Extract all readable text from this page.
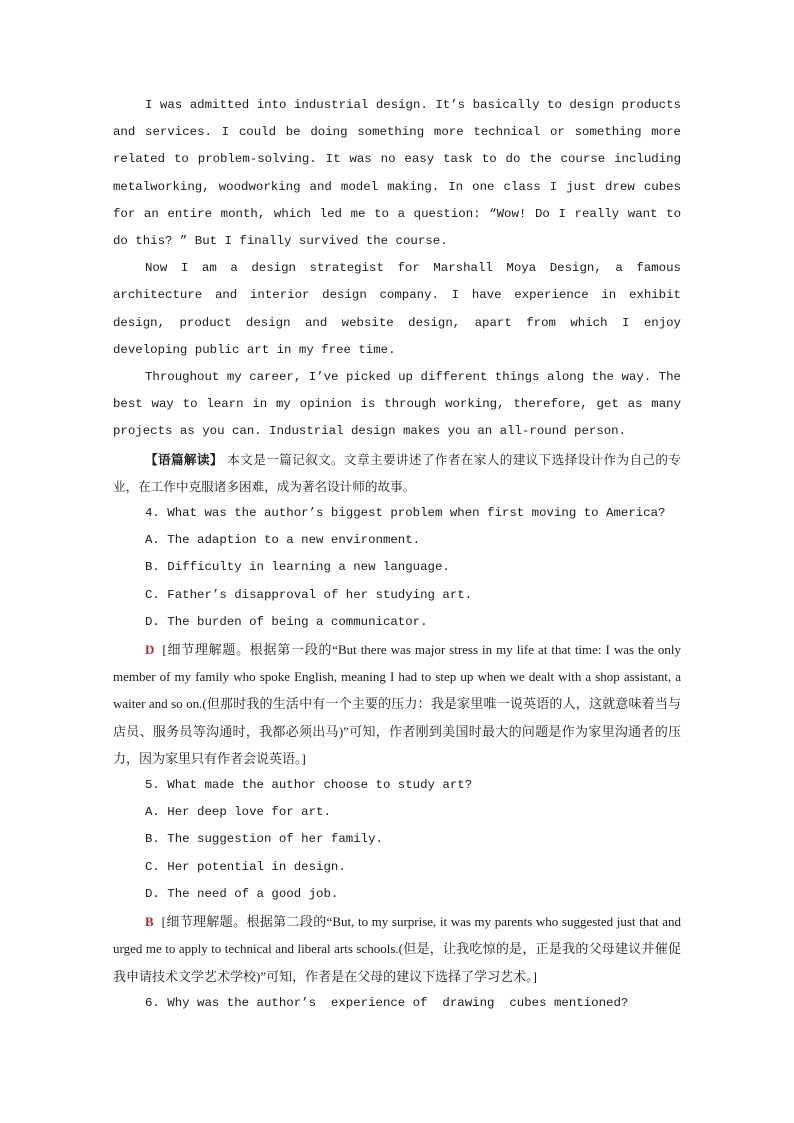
I was admitted into industrial design. It’s basically to design products and services. I could be doing something more technical or something more related to problem-solving. It was no easy task to do the course including metalworking, woodworking and model making. In one class I just drew cubes for an entire month, which led me to a question: “Wow! Do I really want to do this? ” But I finally survived the course.

Now I am a design strategist for Marshall Moya Design, a famous architecture and interior design company. I have experience in exhibit design, product design and website design, apart from which I enjoy developing public art in my free time.

Throughout my career, I’ve picked up different things along the way. The best way to learn in my opinion is through working, therefore, get as many projects as you can. Industrial design makes you an all-round person.

【语篇解读】 本文是一篇记叙文。文章主要讲述了作者在家人的建议下选择设计作为自己的专业，在工作中克服诸多困难，成为著名设计师的故事。

4. What was the author’s biggest problem when first moving to America?

A. The adaption to a new environment.

B. Difficulty in learning a new language.

C. Father’s disapproval of her studying art.

D. The burden of being a communicator.

D [细节理解题。根据第一段的“But there was major stress in my life at that time: I was the only member of my family who spoke English, meaning I had to step up when we dealt with a shop assistant, a waiter and so on.(但那时我的生活中有一个主要的压力：我是家里唯一说英语的人，这就意味着当与店员、服务员等沟通时，我都必须出马)”可知，作者刚到美国时最大的问题是作为家里沟通者的压力，因为家里只有作者会说英语。]

5. What made the author choose to study art?

A. Her deep love for art.

B. The suggestion of her family.

C. Her potential in design.

D. The need of a good job.

B [细节理解题。根据第二段的“But, to my surprise, it was my parents who suggested just that and urged me to apply to technical and liberal arts schools.(但是，让我吃惊的是，正是我的父母建议并催促我申请技术文学艺术学校)”可知，作者是在父母的建议下选择了学习艺术。]

6. Why was the author’s  experience of  drawing  cubes mentioned?
